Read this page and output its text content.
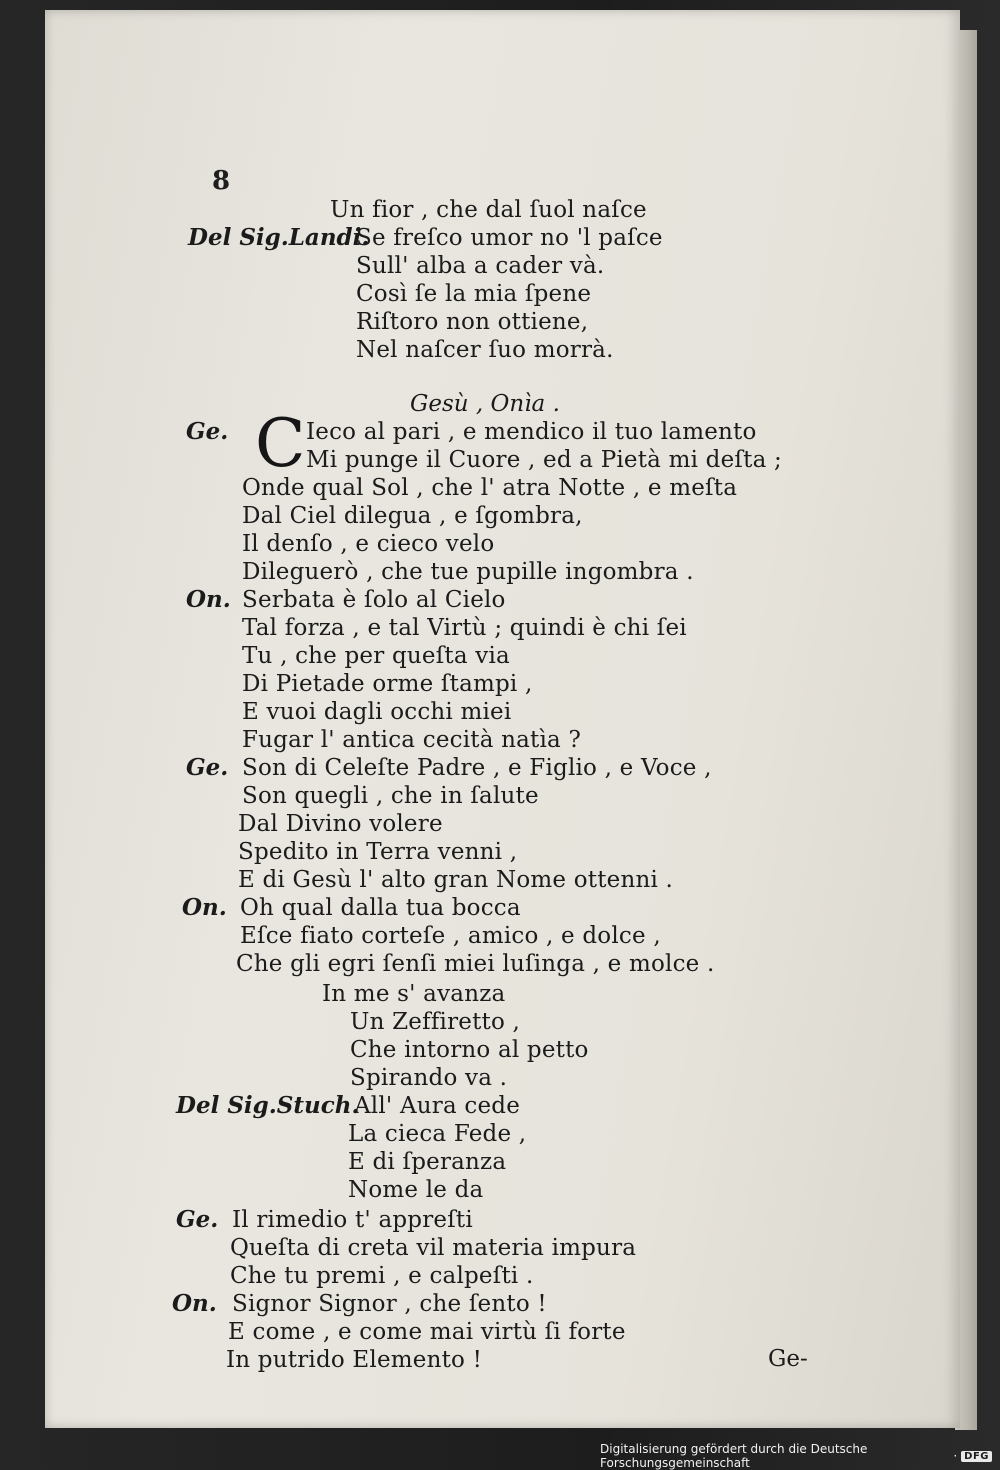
8
Un fior , che dal ſuol naſce
Del Sig.Landi.
Se freſco umor no 'l paſce
Sull' alba a cader và.
Così ſe la mia ſpene
Riſtoro non ottiene,
Nel naſcer ſuo morrà.
Gesù , Onìa .
Ge. C Ieco al pari , e mendico il tuo lamento
Mi punge il Cuore , ed a Pietà mi deſta ;
Onde qual Sol , che l' atra Notte , e meſta
Dal Ciel dilegua , e ſgombra,
Il denſo , e cieco velo
Dileguerò , che tue pupille ingombra .
On. Serbata è ſolo al Cielo
Tal forza , e tal Virtù ; quindi è chi ſei
Tu , che per queſta via
Di Pietade orme ſtampi ,
E vuoi dagli occhi miei
Fugar l' antica cecità natìa ?
Ge. Son di Celeſte Padre , e Figlio , e Voce ,
Son quegli , che in ſalute
Dal Divino volere
Spedito in Terra venni ,
E di Gesù l' alto gran Nome ottenni .
On. Oh qual dalla tua bocca
Eſce fiato corteſe , amico , e dolce ,
Che gli egri ſenſi miei luſinga , e molce .
In me s' avanza
Un Zeffiretto ,
Che intorno al petto
Spirando va .
Del Sig.Stuch.
All' Aura cede
La cieca Fede ,
E di ſperanza
Nome le da
Ge. Il rimedio t' appreſti
Queſta di creta vil materia impura
Che tu premi , e calpeſti .
On. Signor Signor , che ſento !
E come , e come mai virtù ſi forte
In putrido Elemento !	Ge-
Digitalisierung gefördert durch die Deutsche Forschungsgemeinschaft	· DFG
